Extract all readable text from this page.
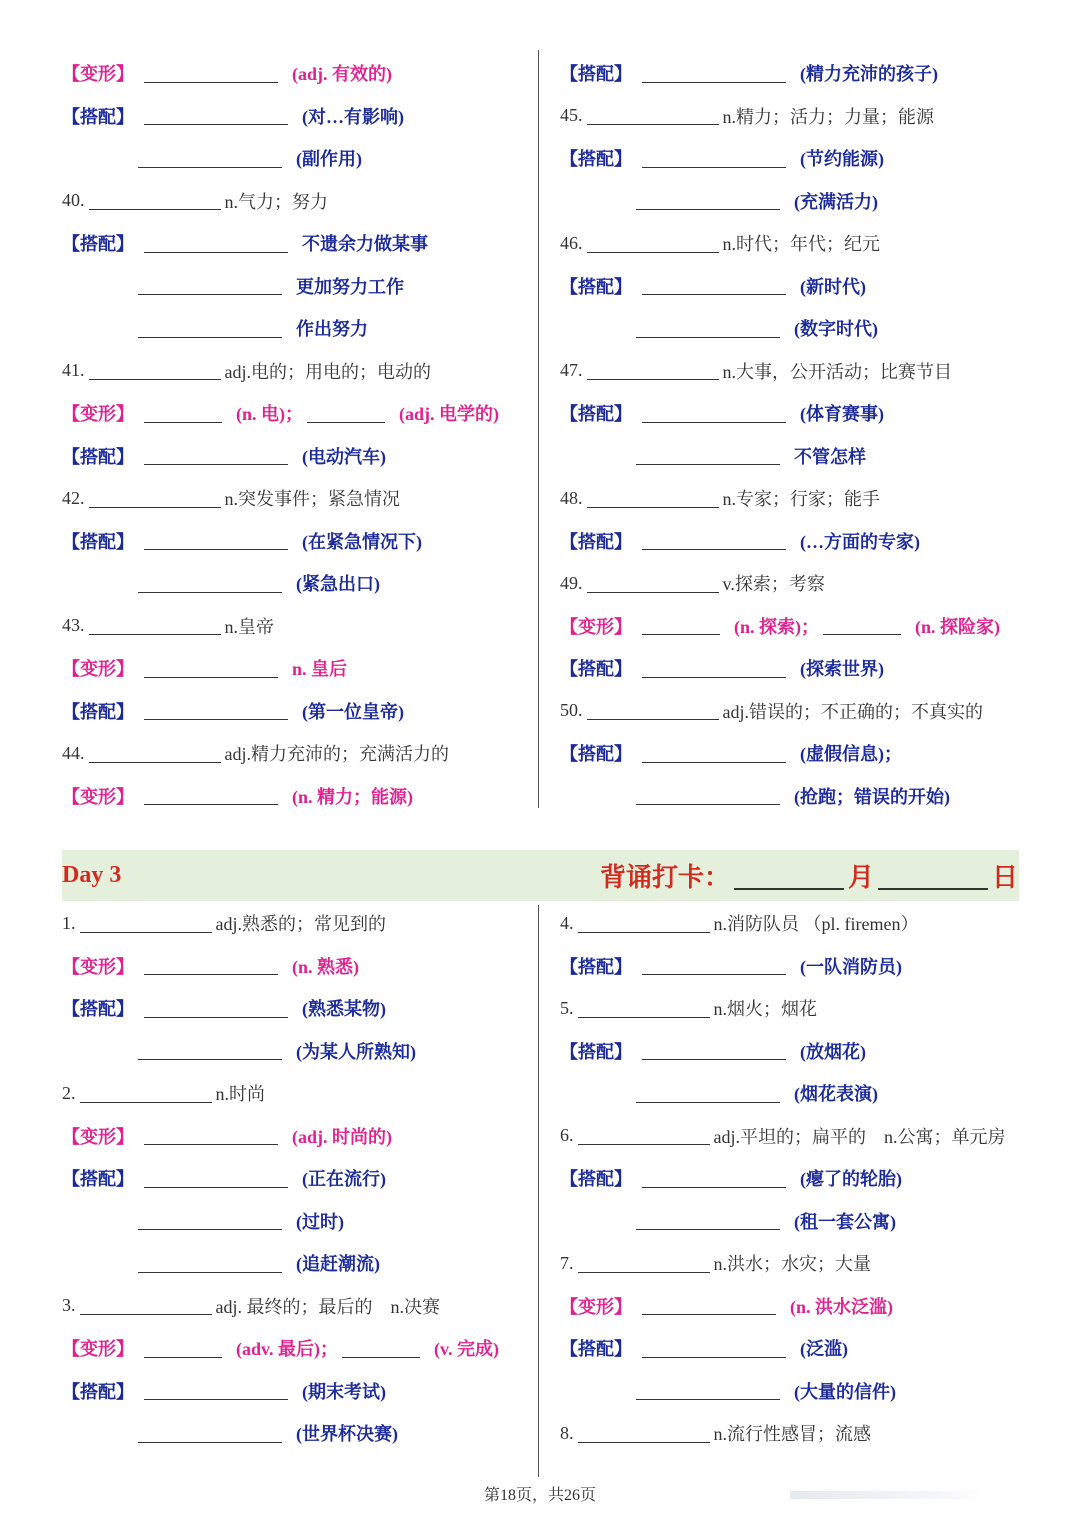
Day 3	背诵打卡：	月	日
【变形】	(adj. 有效的)
【搭配】	(对…有影响)
(副作用)
40.	n.气力；努力
【搭配】	不遗余力做某事
更加努力工作
作出努力
41.	adj.电的；用电的；电动的
【变形】	(n. 电)；	(adj. 电学的)
【搭配】	(电动汽车)
42.	n.突发事件；紧急情况
【搭配】	(在紧急情况下)
(紧急出口)
43.	n.皇帝
【变形】	n. 皇后
【搭配】	(第一位皇帝)
44.	adj.精力充沛的；充满活力的
【变形】	(n. 精力；能源)
【搭配】	(精力充沛的孩子)
45.	n.精力；活力；力量；能源
【搭配】	(节约能源)
(充满活力)
46.	n.时代；年代；纪元
【搭配】	(新时代)
(数字时代)
47.	n.大事，公开活动；比赛节目
【搭配】	(体育赛事)
不管怎样
48.	n.专家；行家；能手
【搭配】	(…方面的专家)
49.	v.探索；考察
【变形】	(n. 探索)；	(n. 探险家)
【搭配】	(探索世界)
50.	adj.错误的；不正确的；不真实的
【搭配】	(虚假信息)；
(抢跑；错误的开始)
1.	adj.熟悉的；常见到的
【变形】	(n. 熟悉)
【搭配】	(熟悉某物)
(为某人所熟知)
2.	n.时尚
【变形】	(adj. 时尚的)
【搭配】	(正在流行)
(过时)
(追赶潮流)
3.	adj. 最终的；最后的 n.决赛
【变形】	(adv. 最后)；	(v. 完成)
【搭配】	(期末考试)
(世界杯决赛)
4.	n.消防队员 （pl. firemen）
【搭配】	(一队消防员)
5.	n.烟火；烟花
【搭配】	(放烟花)
(烟花表演)
6.	adj.平坦的；扁平的 n.公寓；单元房
【搭配】	(瘪了的轮胎)
(租一套公寓)
7.	n.洪水；水灾；大量
【变形】	(n. 洪水泛滥)
【搭配】	(泛滥)
(大量的信件)
8.	n.流行性感冒；流感
第18页，共26页
